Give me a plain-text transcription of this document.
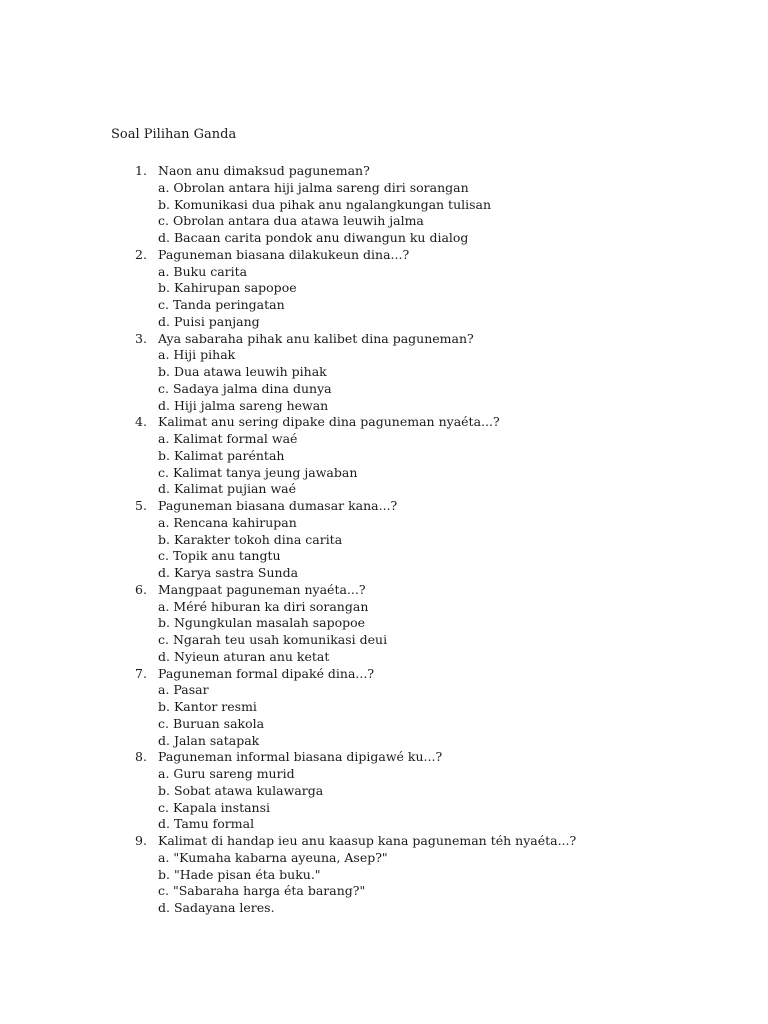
Soal Pilihan Ganda
1. Naon anu dimaksud paguneman?
a. Obrolan antara hiji jalma sareng diri sorangan
b. Komunikasi dua pihak anu ngalangkungan tulisan
c. Obrolan antara dua atawa leuwih jalma
d. Bacaan carita pondok anu diwangun ku dialog
2. Paguneman biasana dilakukeun dina...?
a. Buku carita
b. Kahirupan sapopoe
c. Tanda peringatan
d. Puisi panjang
3. Aya sabaraha pihak anu kalibet dina paguneman?
a. Hiji pihak
b. Dua atawa leuwih pihak
c. Sadaya jalma dina dunya
d. Hiji jalma sareng hewan
4. Kalimat anu sering dipake dina paguneman nyaéta...?
a. Kalimat formal waé
b. Kalimat paréntah
c. Kalimat tanya jeung jawaban
d. Kalimat pujian waé
5. Paguneman biasana dumasar kana...?
a. Rencana kahirupan
b. Karakter tokoh dina carita
c. Topik anu tangtu
d. Karya sastra Sunda
6. Mangpaat paguneman nyaéta...?
a. Méré hiburan ka diri sorangan
b. Ngungkulan masalah sapopoe
c. Ngarah teu usah komunikasi deui
d. Nyieun aturan anu ketat
7. Paguneman formal dipaké dina...?
a. Pasar
b. Kantor resmi
c. Buruan sakola
d. Jalan satapak
8. Paguneman informal biasana dipigawé ku...?
a. Guru sareng murid
b. Sobat atawa kulawarga
c. Kapala instansi
d. Tamu formal
9. Kalimat di handap ieu anu kaasup kana paguneman téh nyaéta...?
a. "Kumaha kabarna ayeuna, Asep?"
b. "Hade pisan éta buku."
c. "Sabaraha harga éta barang?"
d. Sadayana leres.
